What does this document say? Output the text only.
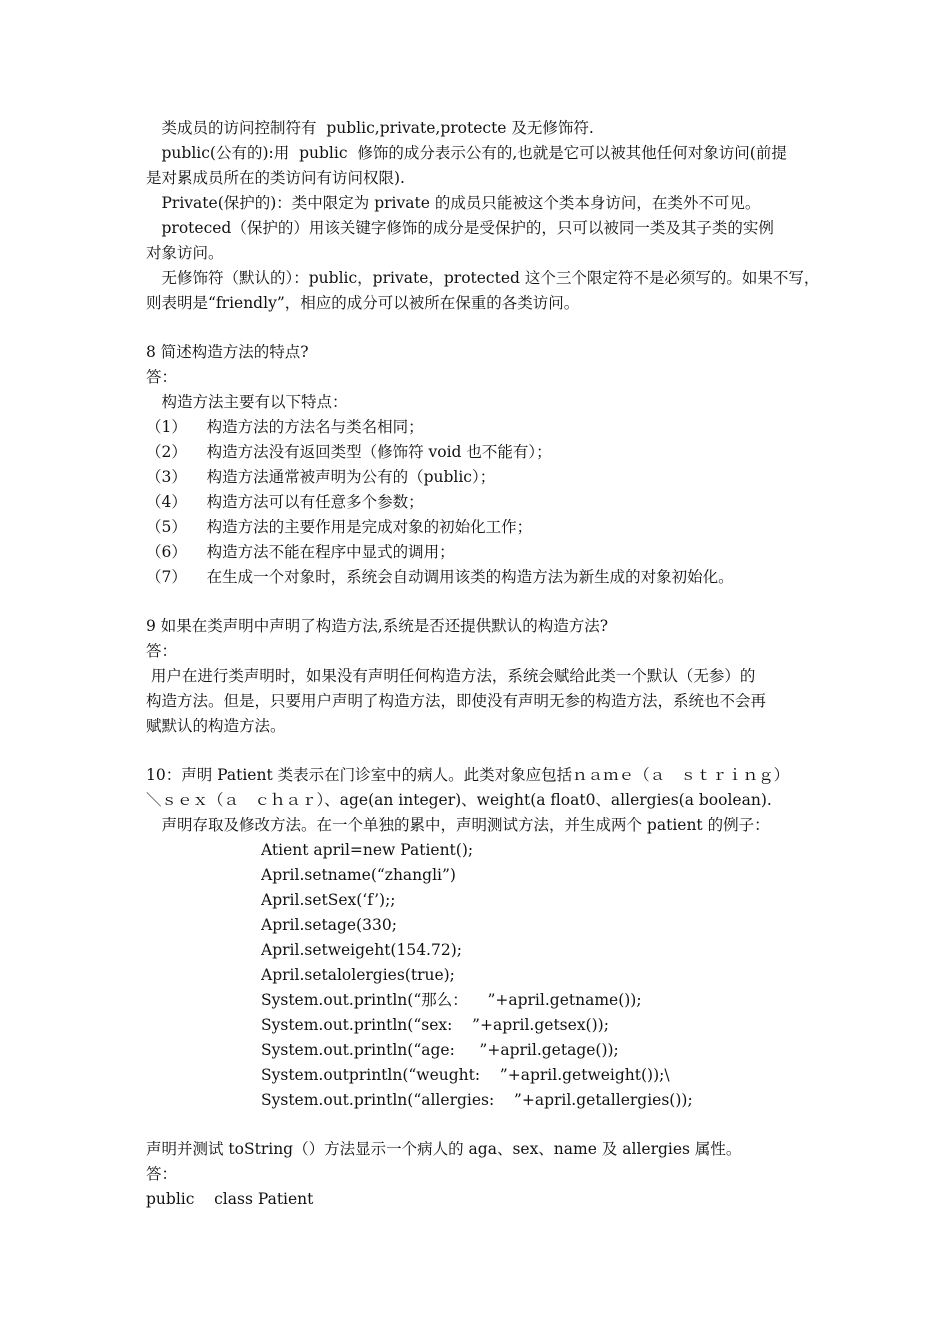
　类成员的访问控制符有  public,private,protecte 及无修饰符.
　public(公有的):用  public  修饰的成分表示公有的,也就是它可以被其他任何对象访问(前提
是对累成员所在的类访问有访问权限).
　Private(保护的)：类中限定为 private 的成员只能被这个类本身访问，在类外不可见。
　proteced（保护的）用该关键字修饰的成分是受保护的，只可以被同一类及其子类的实例
对象访问。
　无修饰符（默认的）：public，private，protected 这个三个限定符不是必须写的。如果不写，
则表明是“friendly”，相应的成分可以被所在保重的各类访问。
8 简述构造方法的特点?
答：
　构造方法主要有以下特点：
（1）    构造方法的方法名与类名相同；
（2）    构造方法没有返回类型（修饰符 void 也不能有）；
（3）    构造方法通常被声明为公有的（public）；
（4）    构造方法可以有任意多个参数；
（5）    构造方法的主要作用是完成对象的初始化工作；
（6）    构造方法不能在程序中显式的调用；
（7）    在生成一个对象时，系统会自动调用该类的构造方法为新生成的对象初始化。
9 如果在类声明中声明了构造方法,系统是否还提供默认的构造方法?
答：
用户在进行类声明时，如果没有声明任何构造方法，系统会赋给此类一个默认（无参）的
构造方法。但是，只要用户声明了构造方法，即使没有声明无参的构造方法，系统也不会再
赋默认的构造方法。
10：声明 Patient 类表示在门诊室中的病人。此类对象应包括ｎａｍｅ（ａ　ｓｔｒｉｎｇ）
＼ｓｅｘ（ａ　ｃｈａｒ）、age(an integer)、weight(a float0、allergies(a boolean).
　声明存取及修改方法。在一个单独的累中，声明测试方法，并生成两个 patient 的例子：
Atient april=new Patient();
April.setname(“zhangli”)
April.setSex(‘f’);;
April.setage(330;
April.setweigeht(154.72);
April.setalolergies(true);
System.out.println(“那么：    ”+april.getname());
System.out.println(“sex:    ”+april.getsex());
System.out.println(“age:     ”+april.getage());
System.outprintln(“weught:    ”+april.getweight());\
System.out.println(“allergies:    ”+april.getallergies());
声明并测试 toString（）方法显示一个病人的 aga、sex、name 及 allergies 属性。
答：
public    class Patient
